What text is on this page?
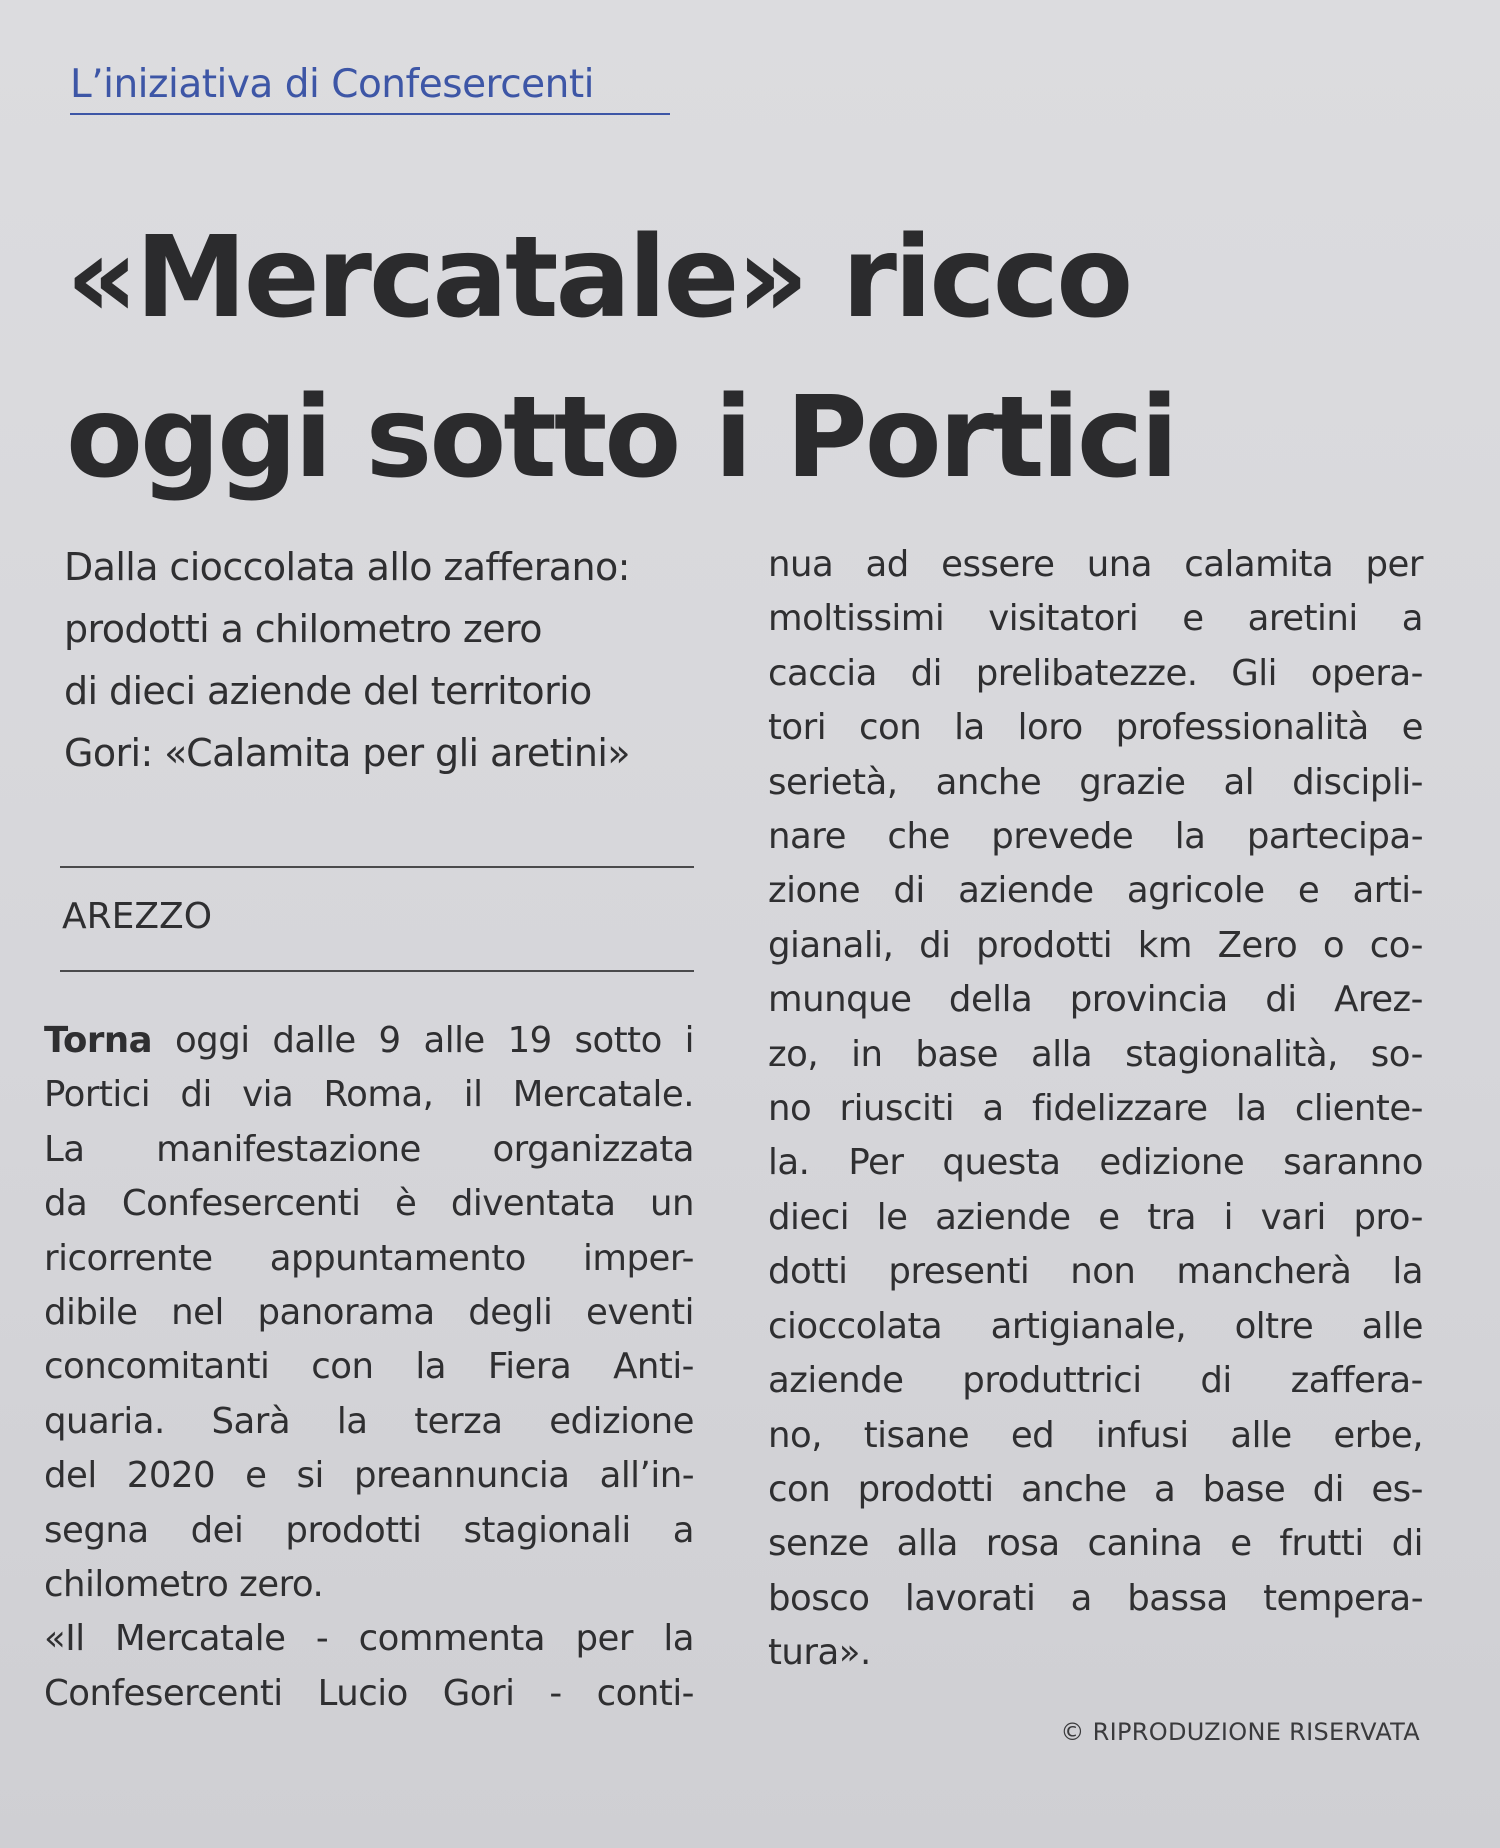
L’iniziativa di Confesercenti

«Mercatale» ricco
oggi sotto i Portici
Dalla cioccolata allo zafferano:
prodotti a chilometro zero
di dieci aziende del territorio
Gori: «Calamita per gli aretini»

AREZZO

Torna oggi dalle 9 alle 19 sotto i
Portici di via Roma, il Mercatale.
La manifestazione organizzata
da Confesercenti è diventata un
ricorrente appuntamento imper-
dibile nel panorama degli eventi
concomitanti con la Fiera Anti-
quaria. Sarà la terza edizione
del 2020 e si preannuncia all’in-
segna dei prodotti stagionali a
chilometro zero.
«Il Mercatale - commenta per la
Confesercenti Lucio Gori - conti-
nua ad essere una calamita per
moltissimi visitatori e aretini a
caccia di prelibatezze. Gli opera-
tori con la loro professionalità e
serietà, anche grazie al discipli-
nare che prevede la partecipa-
zione di aziende agricole e arti-
gianali, di prodotti km Zero o co-
munque della provincia di Arez-
zo, in base alla stagionalità, so-
no riusciti a fidelizzare la cliente-
la. Per questa edizione saranno
dieci le aziende e tra i vari pro-
dotti presenti non mancherà la
cioccolata artigianale, oltre alle
aziende produttrici di zaffera-
no, tisane ed infusi alle erbe,
con prodotti anche a base di es-
senze alla rosa canina e frutti di
bosco lavorati a bassa tempera-
tura».

© RIPRODUZIONE RISERVATA
